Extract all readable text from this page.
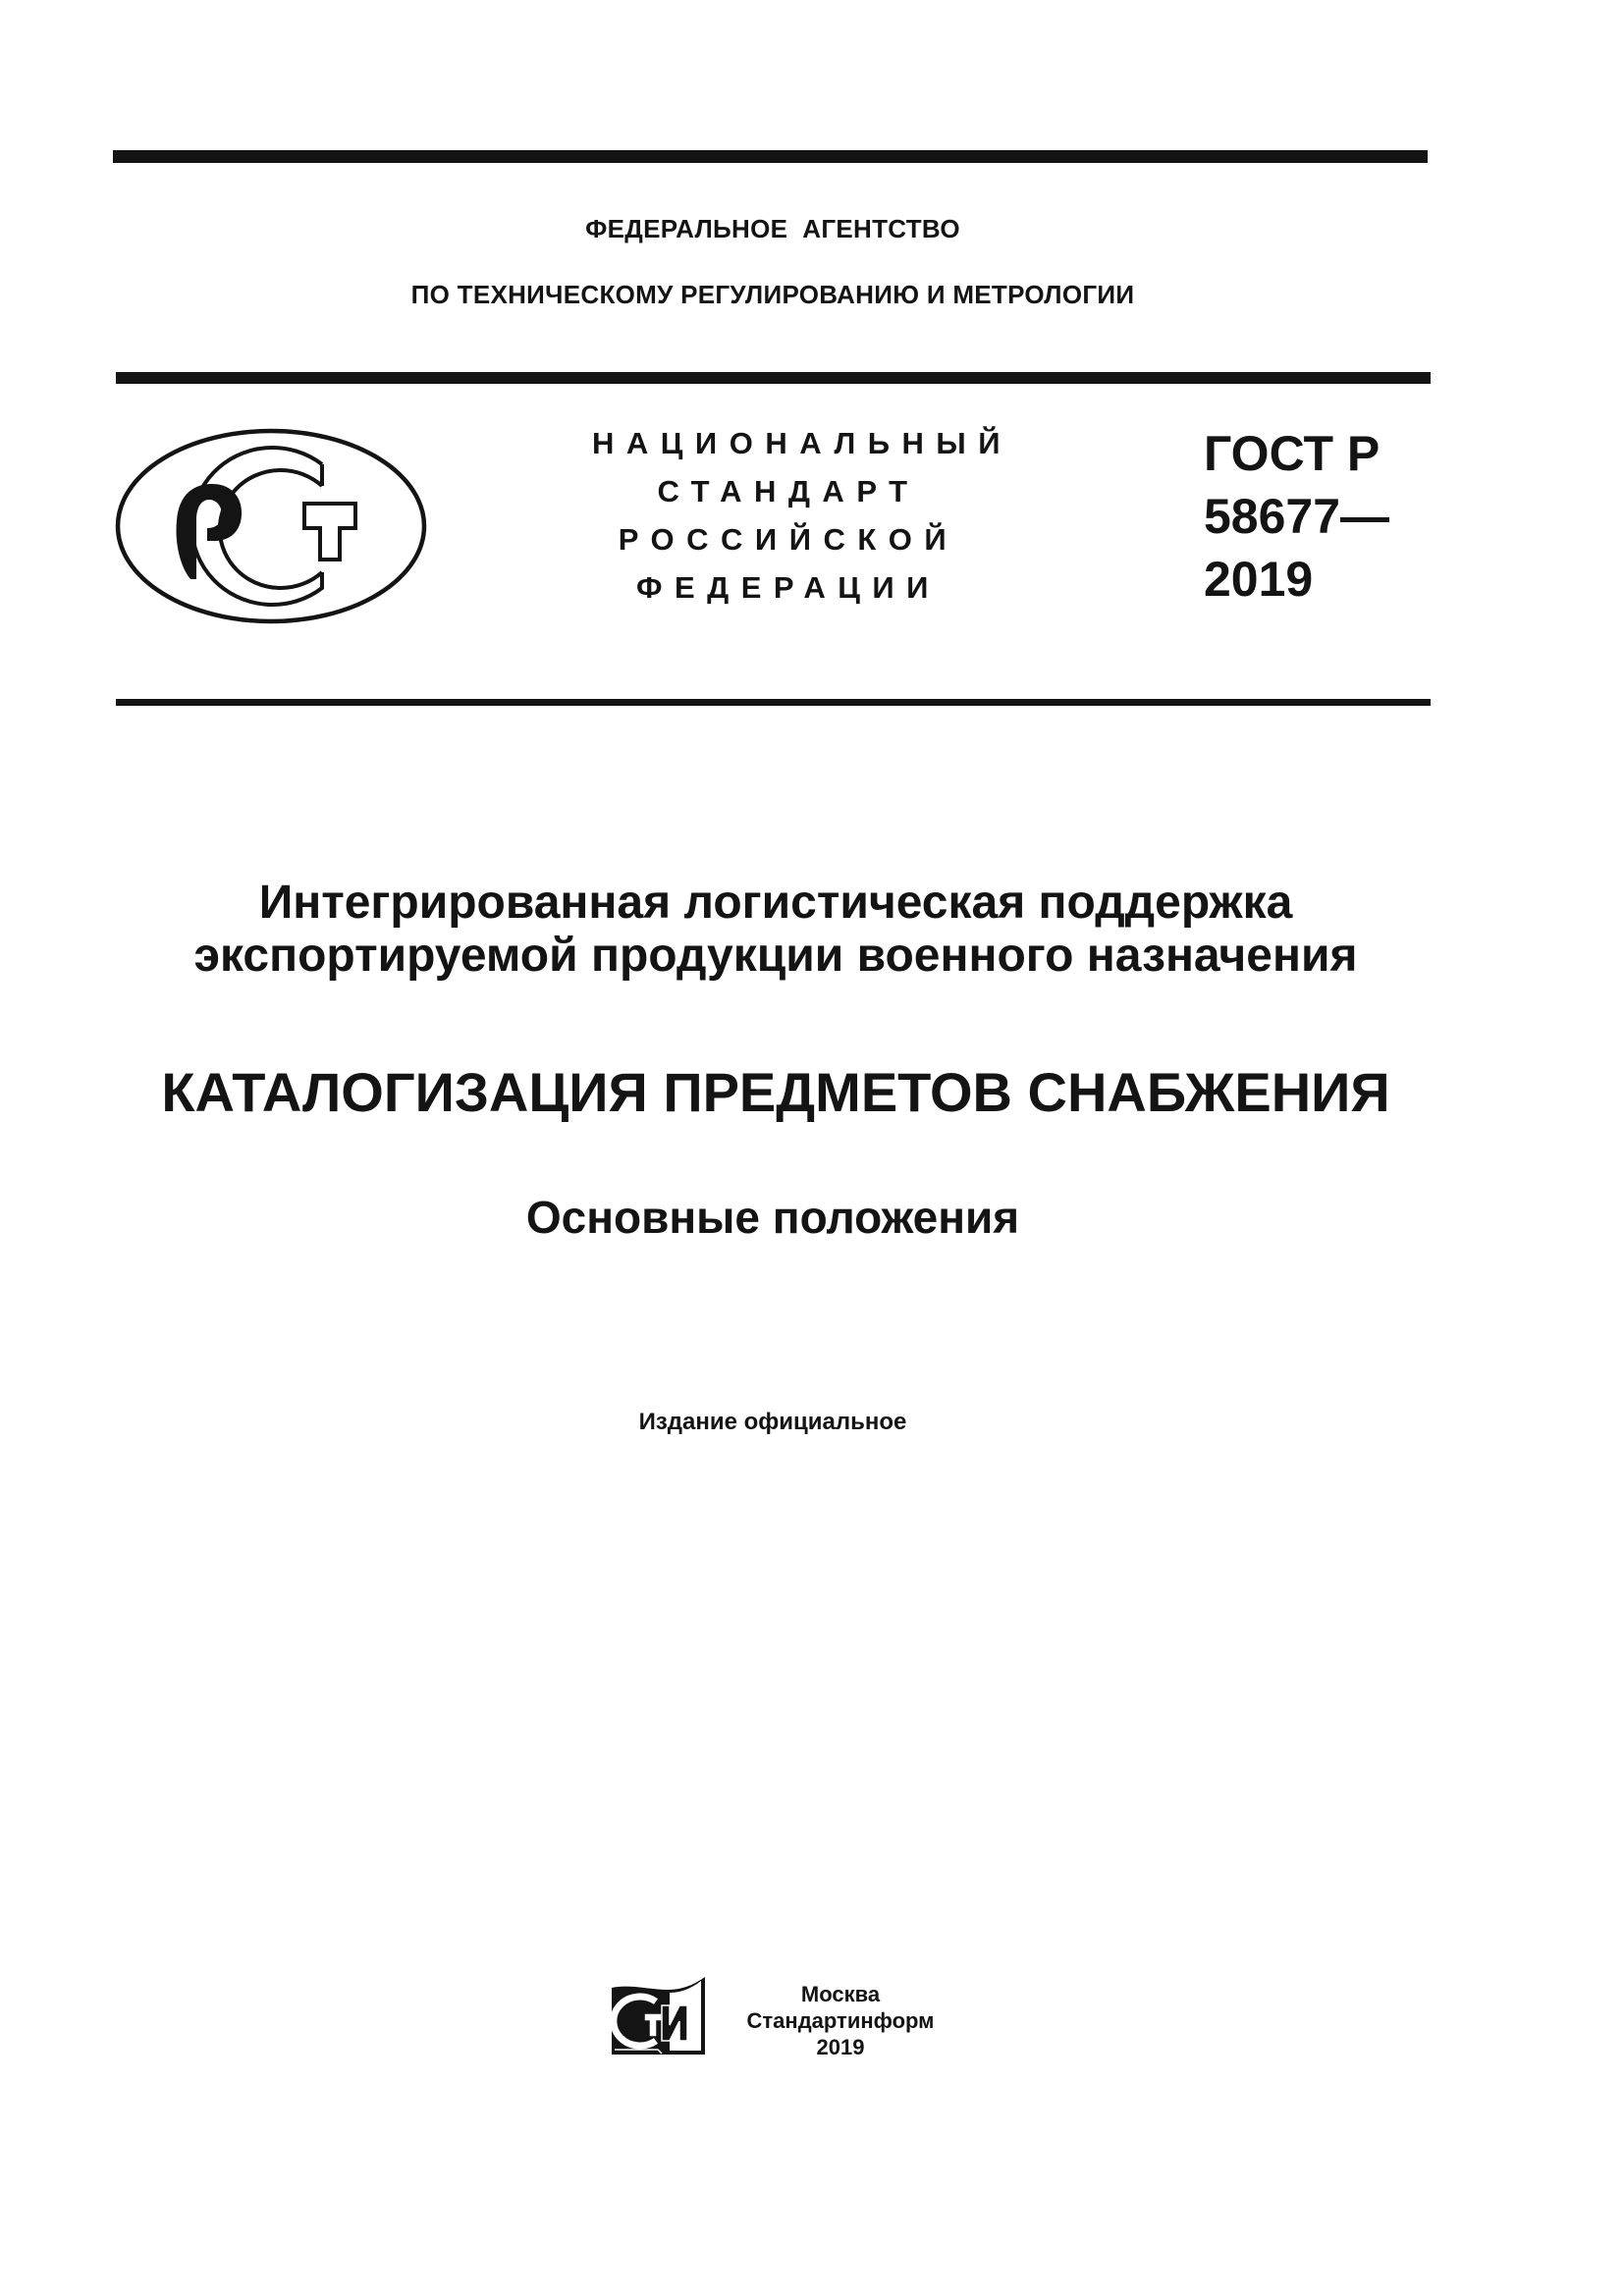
ФЕДЕРАЛЬНОЕ  АГЕНТСТВО
ПО ТЕХНИЧЕСКОМУ РЕГУЛИРОВАНИЮ И МЕТРОЛОГИИ
НАЦИОНАЛЬНЫЙ
СТАНДАРТ
РОССИЙСКОЙ
ФЕДЕРАЦИИ
ГОСТ Р
58677—
2019
Интегрированная логистическая поддержка
экспортируемой продукции военного назначения
КАТАЛОГИЗАЦИЯ ПРЕДМЕТОВ СНАБЖЕНИЯ
Основные положения
Издание официальное
Москва
Стандартинформ
2019
